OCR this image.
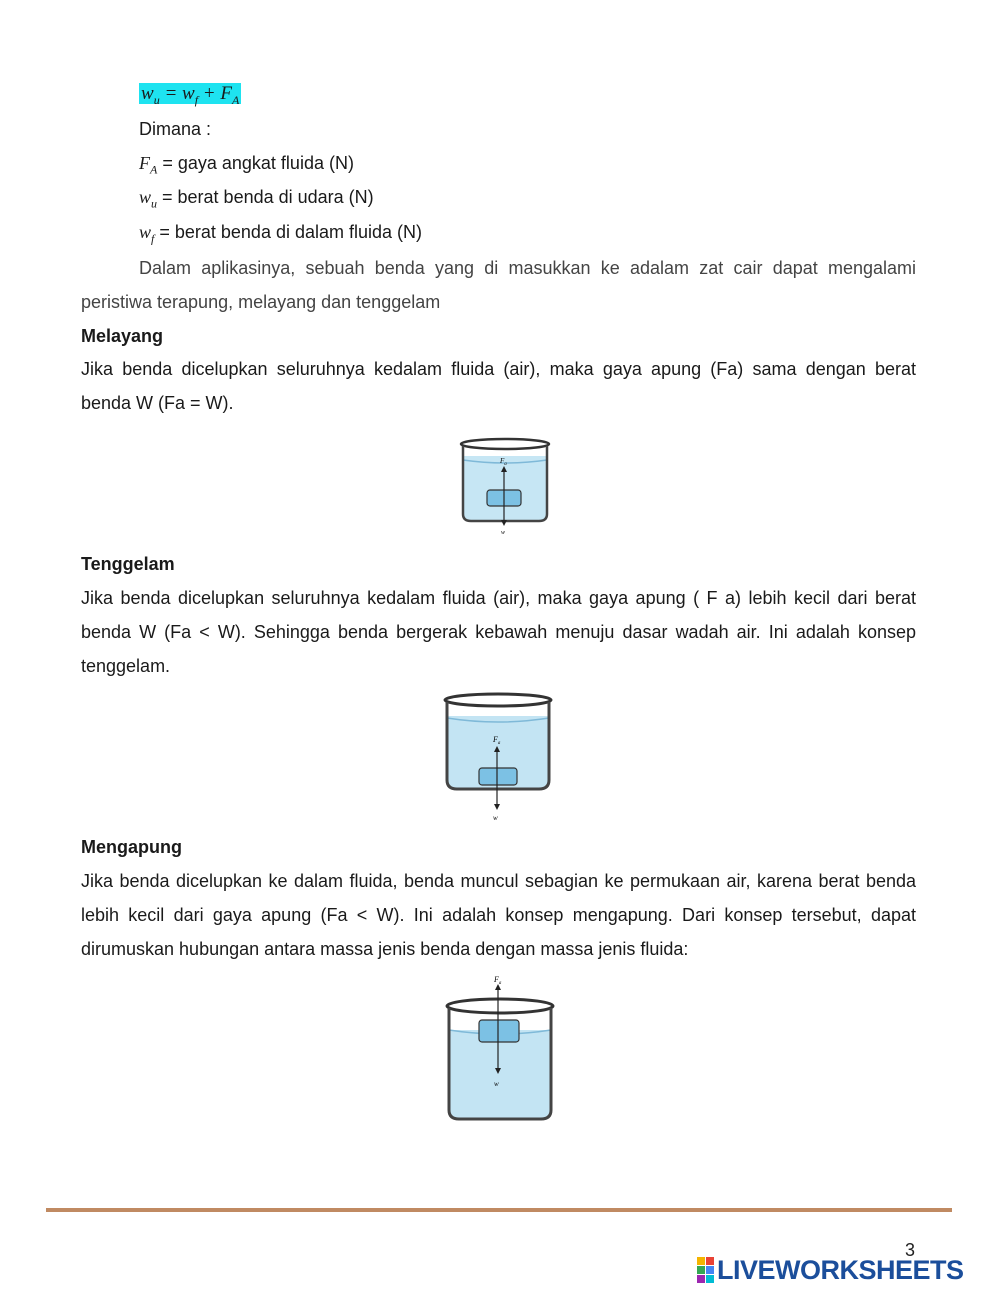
$w_u = w_f + F_A$
Dimana :
$F_A$ = gaya angkat fluida (N)
$w_u$ = berat benda di udara (N)
$w_f$ = berat benda di dalam fluida (N)
Dalam aplikasinya, sebuah benda yang di masukkan ke adalam zat cair dapat mengalami peristiwa terapung, melayang dan tenggelam
Melayang
Jika benda dicelupkan seluruhnya kedalam fluida (air), maka gaya apung (Fa) sama dengan berat benda W (Fa = W).
$F_a$
w
Tenggelam
Jika benda dicelupkan seluruhnya kedalam fluida (air), maka gaya apung ( F a) lebih kecil dari berat benda W (Fa < W). Sehingga benda bergerak kebawah menuju dasar wadah air. Ini adalah konsep tenggelam.
$F_a$
w
Mengapung
Jika benda dicelupkan ke dalam fluida, benda muncul sebagian ke permukaan air, karena berat benda lebih kecil dari gaya apung (Fa < W). Ini adalah konsep mengapung. Dari konsep tersebut, dapat dirumuskan hubungan antara massa jenis benda dengan massa jenis fluida:
$F_a$
w
3
LIVEWORKSHEETS
